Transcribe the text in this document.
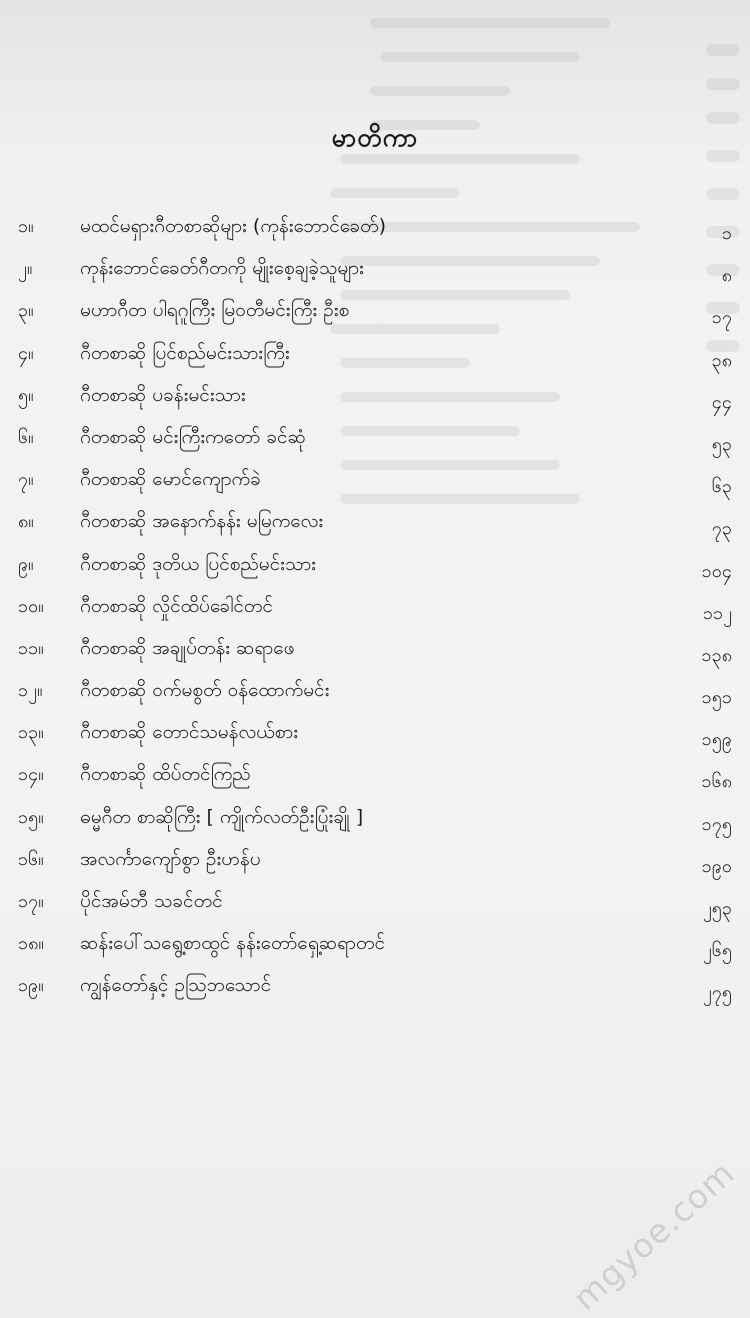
မာတိကာ
၁။	မထင်မရှားဂီတစာဆိုများ (ကုန်းဘောင်ခေတ်)	၁
၂။	ကုန်းဘောင်ခေတ်ဂီတကို မျိုးစေ့ချခဲ့သူများ	၈
၃။	မဟာဂီတ ပါရဂူကြီး မြဝတီမင်းကြီး ဦးစ	၁၇
၄။	ဂီတစာဆို ပြင်စည်မင်းသားကြီး	၃၈
၅။	ဂီတစာဆို ပခန်းမင်းသား	၄၄
၆။	ဂီတစာဆို မင်းကြီးကတော် ခင်ဆုံ	၅၃
၇။	ဂီတစာဆို မောင်ကျောက်ခဲ	၆၃
၈။	ဂီတစာဆို အနောက်နန်း မမြကလေး	၇၃
၉။	ဂီတစာဆို ဒုတိယ ပြင်စည်မင်းသား	၁၀၄
၁၀။	ဂီတစာဆို လှိုင်ထိပ်ခေါင်တင်	၁၁၂
၁၁။	ဂီတစာဆို အချုပ်တန်း ဆရာဖေ	၁၃၈
၁၂။	ဂီတစာဆို ဝက်မစွတ် ဝန်ထောက်မင်း	၁၅၁
၁၃။	ဂီတစာဆို တောင်သမန်လယ်စား	၁၅၉
၁၄။	ဂီတစာဆို ထိပ်တင်ကြည်	၁၆၈
၁၅။	ဓမ္မဂီတ စာဆိုကြီး [ ကျိုက်လတ်ဦးပြုံးချို ]	၁၇၅
၁၆။	အလင်္ကာကျော်စွာ ဦးဟန်ပ	၁၉၀
၁၇။	ပိုင်အမ်ဘီ သခင်တင်	၂၅၃
၁၈။	ဆန်းပေါ်သရွေ့စာထွင် နန်းတော်ရှေ့ဆရာတင်	၂၆၅
၁၉။	ကျွန်တော်နှင့် ဥသြဘသောင်	၂၇၅
mgyoe.com
